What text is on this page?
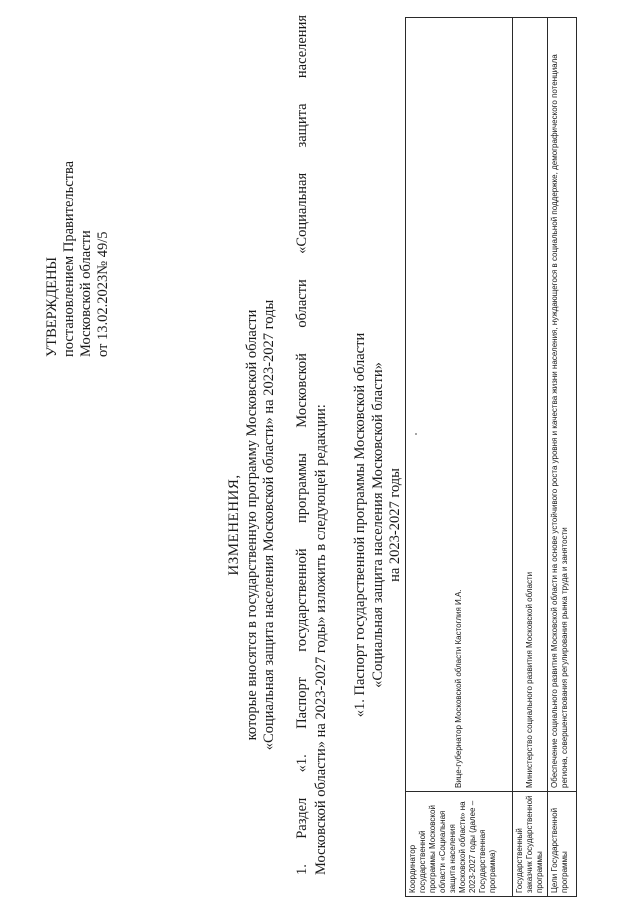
УТВЕРЖДЕНЫ постановлением Правительства Московской области от 13.02.2023№ 49/5
ИЗМЕНЕНИЯ, которые вносятся в государственную программу Московской области «Социальная защита населения Московской области» на 2023-2027 годы 1. Раздел «1. Паспорт государственной программы Московской области «Социальная защита населения Московской области» на 2023-2027 годы» изложить в следующей редакции: «1. Паспорт государственной программы Московской области «Социальная защита населения Московской бласти» на 2023-2027 годы
Координатор государственной программы Московской области «Социальная защита населения Московской области» на 2023-2027 годы (далее – Государственная программа)	Вице-губернатор Московской области Кастоглия И.А.
Государственный заказчик Государственной программы	Министерство социального развития Московской области
Цели Государственной программы	Обеспечение социального развития Московской области на основе устойчивого роста уровня и качества жизни населения, нуждающегося в социальной поддержке, демографического потенциала региона, совершенствования регулирования рынка труда и занятости
